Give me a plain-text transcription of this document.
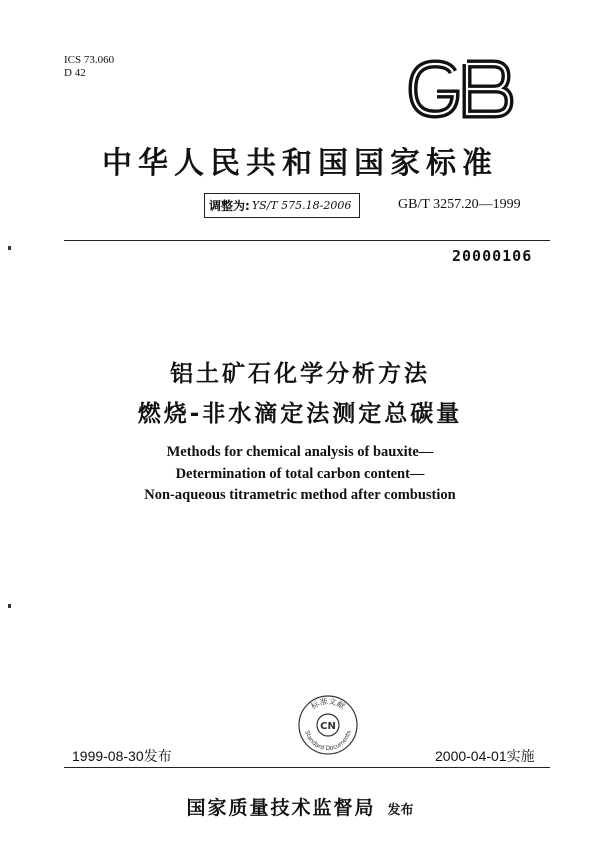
ICS 73.060
D 42
中华人民共和国国家标准
调整为: YS/T 575.18-2006	GB/T 3257.20—1999
20000106
铝土矿石化学分析方法
燃烧-非水滴定法测定总碳量
Methods for chemical analysis of bauxite—
Determination of total carbon content—
Non-aqueous titrametric method after combustion
标准文献
CN
Standard Documents
1999-08-30发布	2000-04-01实施
国家质量技术监督局 发布
